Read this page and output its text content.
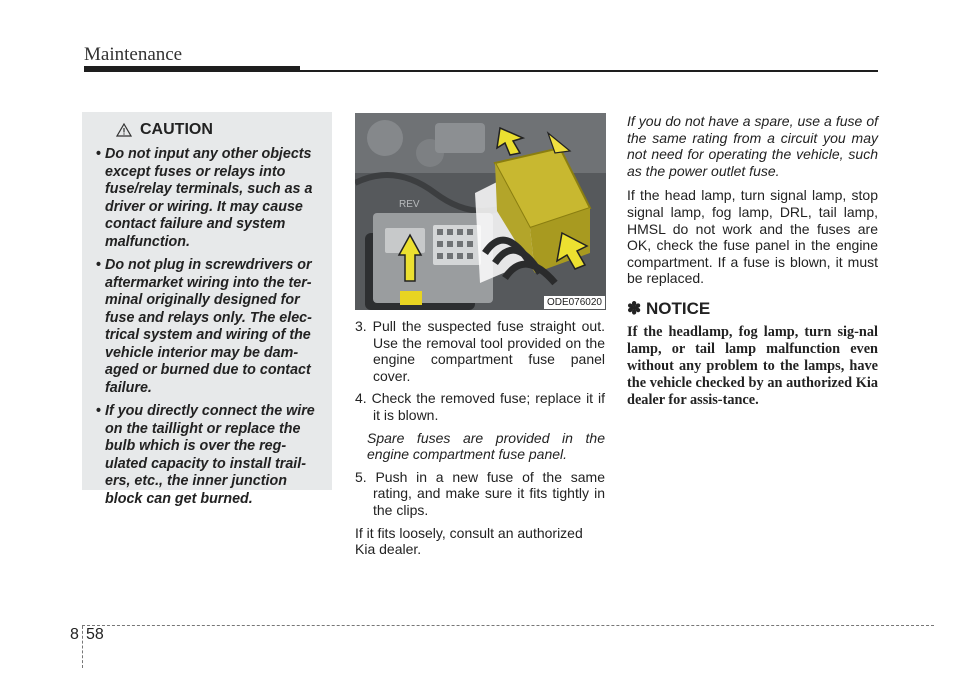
Maintenance
CAUTION
• Do not input any other objects except fuses or relays into fuse/relay terminals, such as a driver or wiring. It may cause contact failure and system malfunction.
• Do not plug in screwdrivers or aftermarket wiring into the ter-minal originally designed for fuse and relays only. The elec-trical system and wiring of the vehicle interior may be dam-aged or burned due to contact failure.
• If you directly connect the wire on the taillight or replace the bulb which is over the reg-ulated capacity to install trail-ers, etc., the inner junction block can get burned.
REV
ODE076020
3. Pull the suspected fuse straight out. Use the removal tool provided on the engine compartment fuse panel cover.
4. Check the removed fuse; replace it if it is blown.
Spare fuses are provided in the engine compartment fuse panel.
5. Push in a new fuse of the same rating, and make sure it fits tightly in the clips.
If it fits loosely, consult an authorized Kia dealer.
If you do not have a spare, use a fuse of the same rating from a circuit you may not need for operating the vehicle, such as the power outlet fuse.
If the head lamp, turn signal lamp, stop signal lamp, fog lamp, DRL, tail lamp, HMSL do not work and the fuses are OK, check the fuse panel in the engine compartment. If a fuse is blown, it must be replaced.
✽ NOTICE
If the headlamp, fog lamp, turn sig-nal lamp, or tail lamp malfunction even without any problem to the lamps, have the vehicle checked by an authorized Kia dealer for assis-tance.
8 58
